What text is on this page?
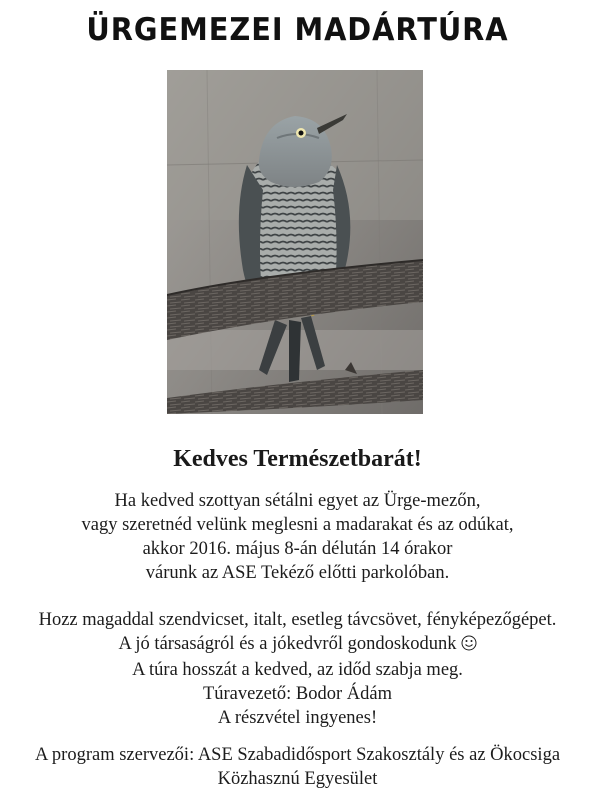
ÜRGEMEZEI MADÁRTÚRA
Kedves Természetbarát!
Ha kedved szottyan sétálni egyet az Ürge-mezőn,
vagy szeretnéd velünk meglesni a madarakat és az odúkat,
akkor 2016. május 8-án délután 14 órakor
várunk az ASE Tekéző előtti parkolóban.
Hozz magaddal szendvicset, italt, esetleg távcsövet, fényképezőgépet.
A jó társaságról és a jókedvről gondoskodunk
A túra hosszát a kedved, az időd szabja meg.
Túravezető: Bodor Ádám
A részvétel ingyenes!
A program szervezői: ASE Szabadidősport Szakosztály és az Ökocsiga
Közhasznú Egyesület
